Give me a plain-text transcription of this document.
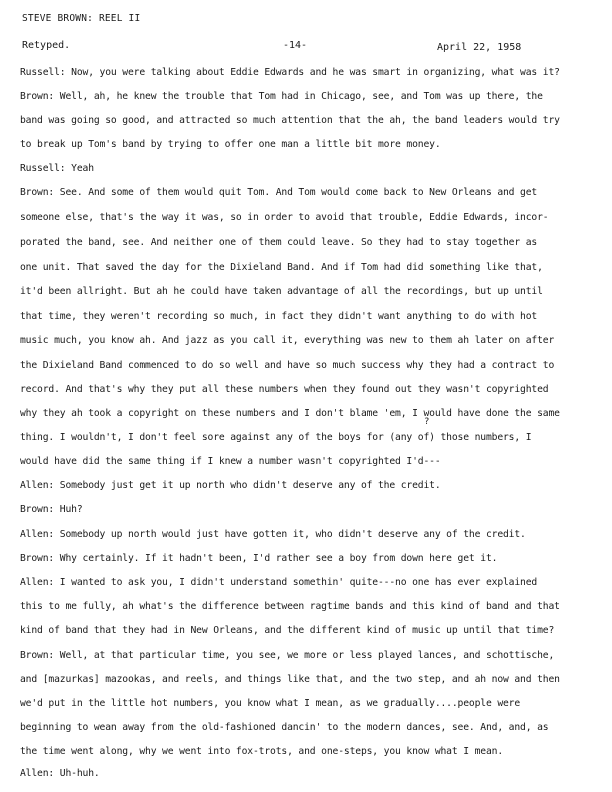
STEVE BROWN: REEL II
Retyped.	-14-	April 22, 1958
Russell: Now, you were talking about Eddie Edwards and he was smart in organizing, what was it?
Brown: Well, ah, he knew the trouble that Tom had in Chicago, see, and Tom was up there, the
band was going so good, and attracted so much attention that the ah, the band leaders would try
to break up Tom's band by trying to offer one man a little bit more money.
Russell: Yeah
Brown: See. And some of them would quit Tom. And Tom would come back to New Orleans and get
someone else, that's the way it was, so in order to avoid that trouble, Eddie Edwards, incor-
porated the band, see. And neither one of them could leave. So they had to stay together as
one unit. That saved the day for the Dixieland Band. And if Tom had did something like that,
it'd been allright. But ah he could have taken advantage of all the recordings, but up until
that time, they weren't recording so much, in fact they didn't want anything to do with hot
music much, you know ah. And jazz as you call it, everything was new to them ah later on after
the Dixieland Band commenced to do so well and have so much success why they had a contract to
record. And that's why they put all these numbers when they found out they wasn't copyrighted
why they ah took a copyright on these numbers and I don't blame 'em, I would have done the same
thing. I wouldn't, I don't feel sore against any of the boys for (any of) those numbers, I
would have did the same thing if I knew a number wasn't copyrighted I'd---
Allen: Somebody just get it up north who didn't deserve any of the credit.
Brown: Huh?
Allen: Somebody up north would just have gotten it, who didn't deserve any of the credit.
Brown: Why certainly. If it hadn't been, I'd rather see a boy from down here get it.
Allen: I wanted to ask you, I didn't understand somethin' quite---no one has ever explained
this to me fully, ah what's the difference between ragtime bands and this kind of band and that
kind of band that they had in New Orleans, and the different kind of music up until that time?
Brown: Well, at that particular time, you see, we more or less played lances, and schottische,
and [mazurkas] mazookas, and reels, and things like that, and the two step, and ah now and then
we'd put in the little hot numbers, you know what I mean, as we gradually....people were
beginning to wean away from the old-fashioned dancin' to the modern dances, see. And, and, as
the time went along, why we went into fox-trots, and one-steps, you know what I mean.
Allen: Uh-huh.
?
